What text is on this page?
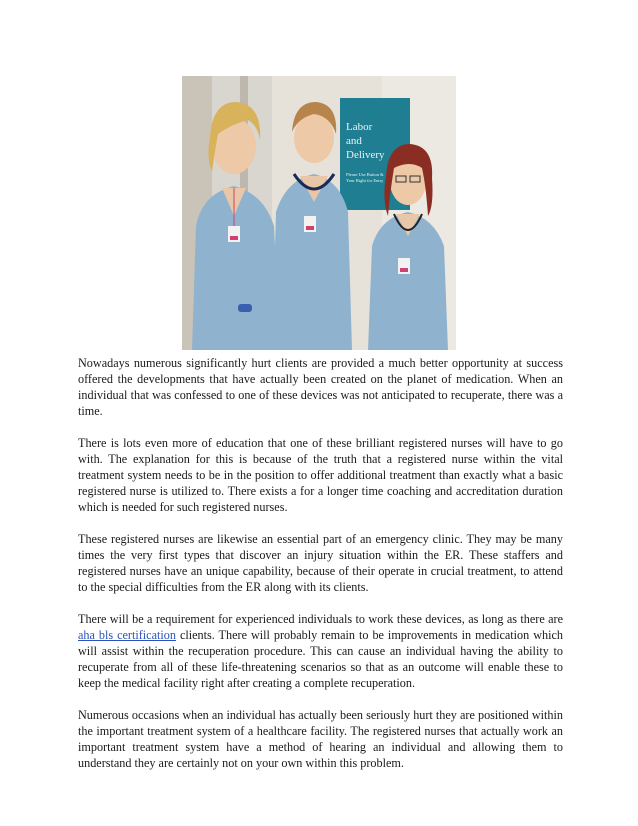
Labor
and
Delivery
Please Use Button &
Your Right for Entry

Nowadays numerous significantly hurt clients are provided a much better opportunity at success offered the developments that have actually been created on the planet of medication. When an individual that was confessed to one of these devices was not anticipated to recuperate, there was a time.

There is lots even more of education that one of these brilliant registered nurses will have to go with. The explanation for this is because of the truth that a registered nurse within the vital treatment system needs to be in the position to offer additional treatment than exactly what a basic registered nurse is utilized to. There exists a for a longer time coaching and accreditation duration which is needed for such registered nurses.

These registered nurses are likewise an essential part of an emergency clinic. They may be many times the very first types that discover an injury situation within the ER. These staffers and registered nurses have an unique capability, because of their operate in crucial treatment, to attend to the special difficulties from the ER along with its clients.

There will be a requirement for experienced individuals to work these devices, as long as there are aha bls certification clients. There will probably remain to be improvements in medication which will assist within the recuperation procedure. This can cause an individual having the ability to recuperate from all of these life-threatening scenarios so that as an outcome will enable these to keep the medical facility right after creating a complete recuperation.

Numerous occasions when an individual has actually been seriously hurt they are positioned within the important treatment system of a healthcare facility. The registered nurses that actually work an important treatment system have a method of hearing an individual and allowing them to understand they are certainly not on your own within this problem.
